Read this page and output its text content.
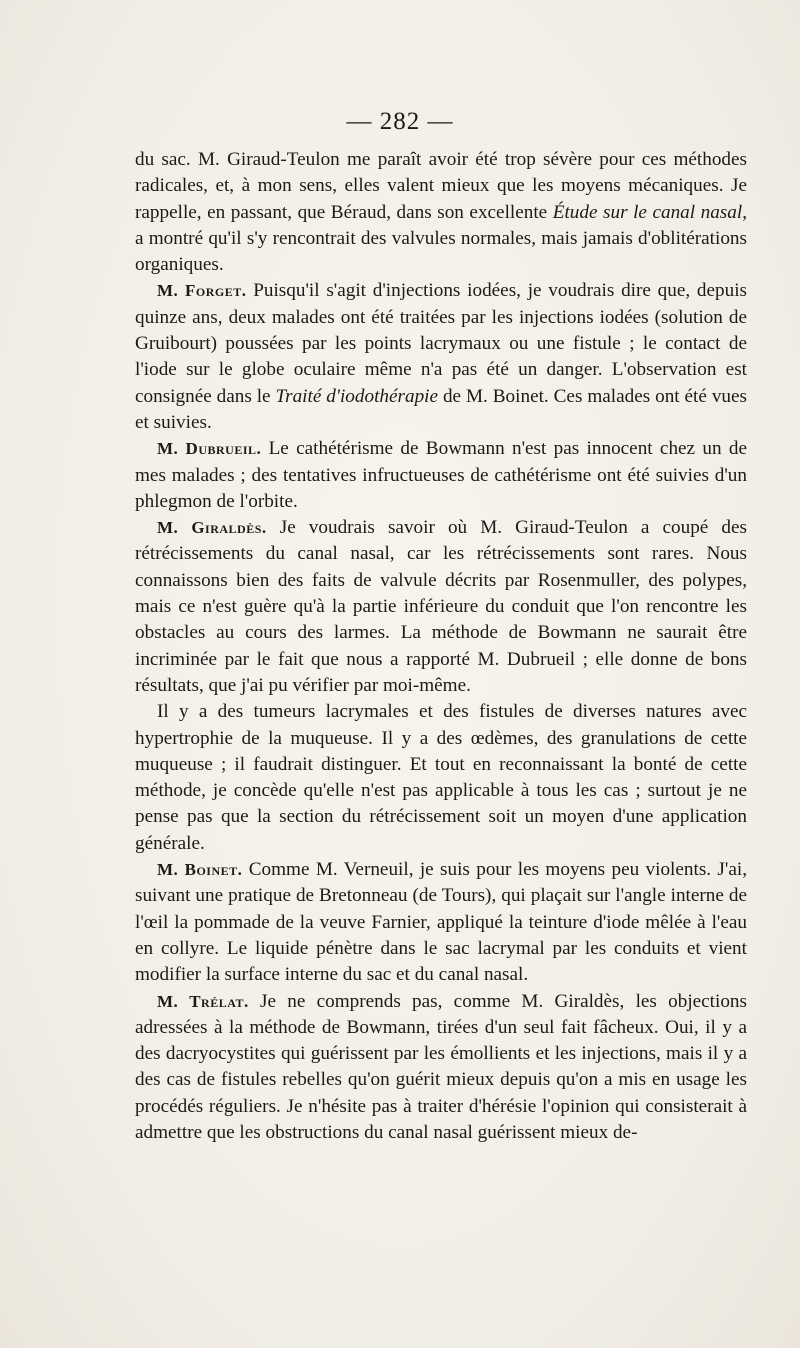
— 282 —

du sac. M. Giraud-Teulon me paraît avoir été trop sévère pour ces méthodes radicales, et, à mon sens, elles valent mieux que les moyens mécaniques. Je rappelle, en passant, que Béraud, dans son excellente Étude sur le canal nasal, a montré qu'il s'y rencontrait des valvules normales, mais jamais d'oblitérations organiques.

M. Forget. Puisqu'il s'agit d'injections iodées, je voudrais dire que, depuis quinze ans, deux malades ont été traitées par les injections iodées (solution de Gruibourt) poussées par les points lacrymaux ou une fistule ; le contact de l'iode sur le globe oculaire même n'a pas été un danger. L'observation est consignée dans le Traité d'iodothérapie de M. Boinet. Ces malades ont été vues et suivies.

M. Dubrueil. Le cathétérisme de Bowmann n'est pas innocent chez un de mes malades ; des tentatives infructueuses de cathétérisme ont été suivies d'un phlegmon de l'orbite.

M. Giraldès. Je voudrais savoir où M. Giraud-Teulon a coupé des rétrécissements du canal nasal, car les rétrécissements sont rares. Nous connaissons bien des faits de valvule décrits par Rosenmuller, des polypes, mais ce n'est guère qu'à la partie inférieure du conduit que l'on rencontre les obstacles au cours des larmes. La méthode de Bowmann ne saurait être incriminée par le fait que nous a rapporté M. Dubrueil ; elle donne de bons résultats, que j'ai pu vérifier par moi-même.

Il y a des tumeurs lacrymales et des fistules de diverses natures avec hypertrophie de la muqueuse. Il y a des œdèmes, des granulations de cette muqueuse ; il faudrait distinguer. Et tout en reconnaissant la bonté de cette méthode, je concède qu'elle n'est pas applicable à tous les cas ; surtout je ne pense pas que la section du rétrécissement soit un moyen d'une application générale.

M. Boinet. Comme M. Verneuil, je suis pour les moyens peu violents. J'ai, suivant une pratique de Bretonneau (de Tours), qui plaçait sur l'angle interne de l'œil la pommade de la veuve Farnier, appliqué la teinture d'iode mêlée à l'eau en collyre. Le liquide pénètre dans le sac lacrymal par les conduits et vient modifier la surface interne du sac et du canal nasal.

M. Trélat. Je ne comprends pas, comme M. Giraldès, les objections adressées à la méthode de Bowmann, tirées d'un seul fait fâcheux. Oui, il y a des dacryocystites qui guérissent par les émollients et les injections, mais il y a des cas de fistules rebelles qu'on guérit mieux depuis qu'on a mis en usage les procédés réguliers. Je n'hésite pas à traiter d'hérésie l'opinion qui consisterait à admettre que les obstructions du canal nasal guérissent mieux de-
